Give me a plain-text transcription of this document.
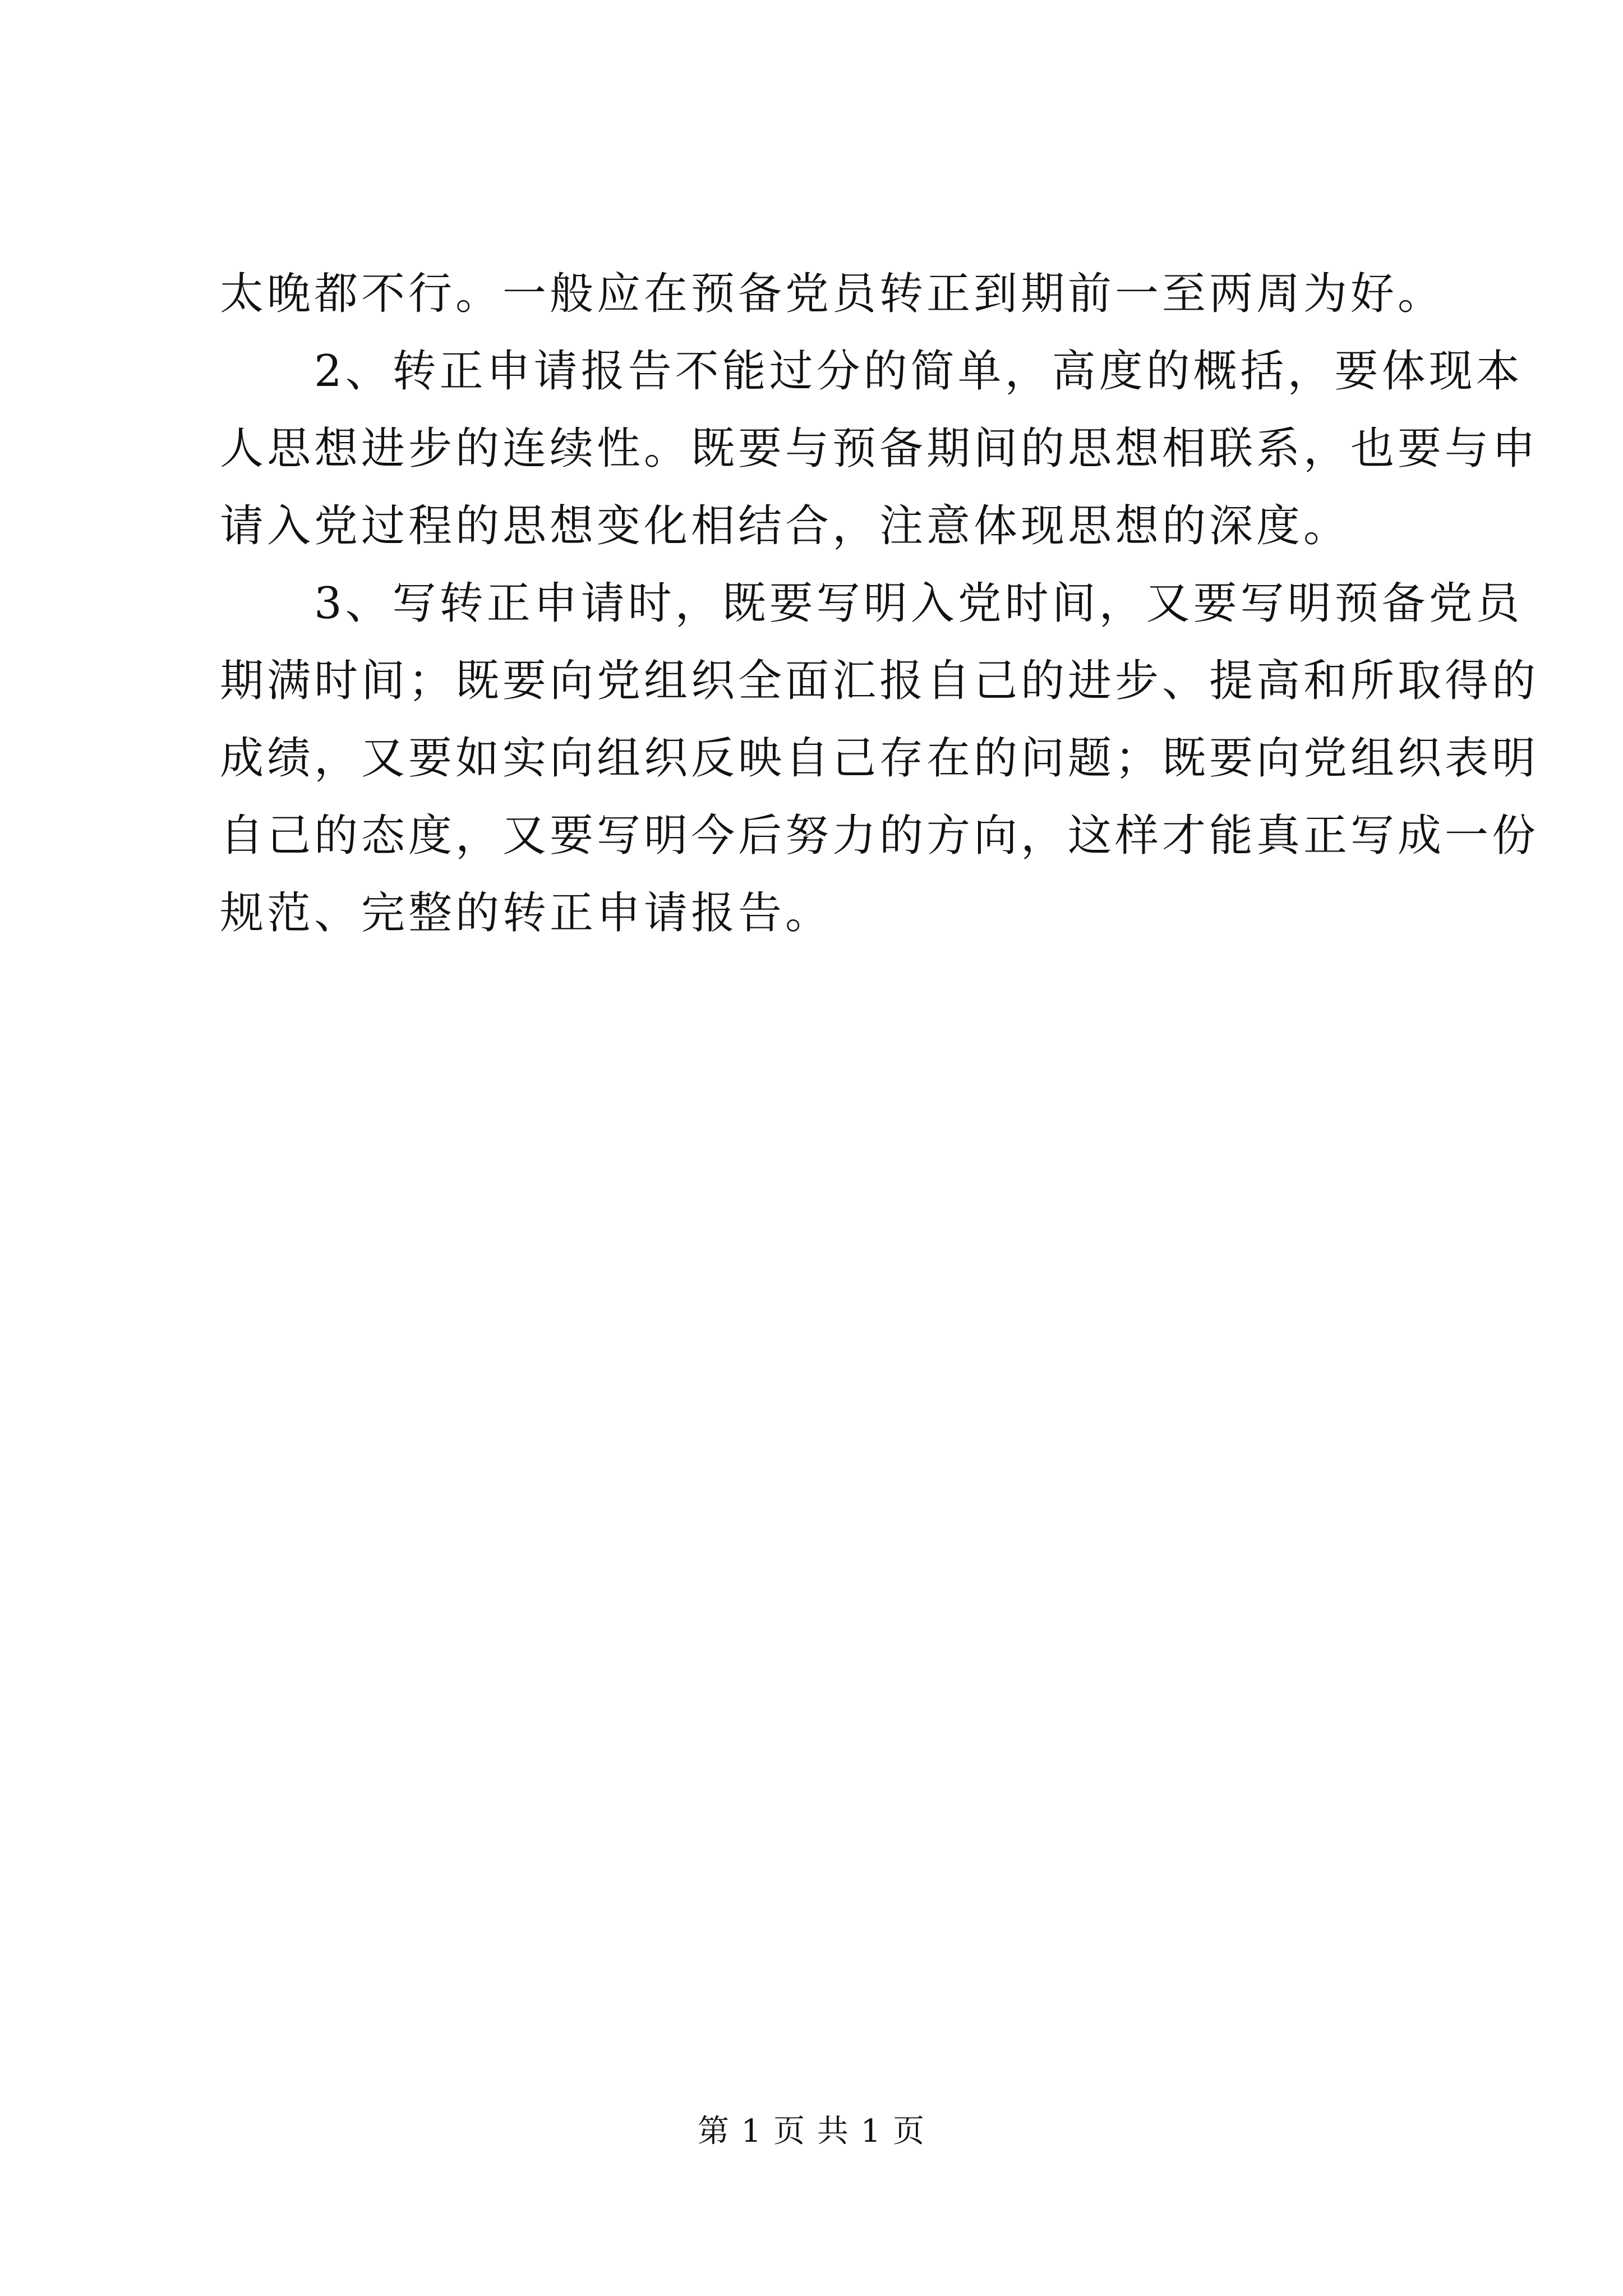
太晚都不行。一般应在预备党员转正到期前一至两周为好。
　　2、转正申请报告不能过分的简单，高度的概括，要体现本
人思想进步的连续性。既要与预备期间的思想相联系，也要与申
请入党过程的思想变化相结合，注意体现思想的深度。
　　3、写转正申请时，既要写明入党时间，又要写明预备党员
期满时间；既要向党组织全面汇报自己的进步、提高和所取得的
成绩，又要如实向组织反映自己存在的问题；既要向党组织表明
自己的态度，又要写明今后努力的方向，这样才能真正写成一份
规范、完整的转正申请报告。
第 1 页 共 1 页
